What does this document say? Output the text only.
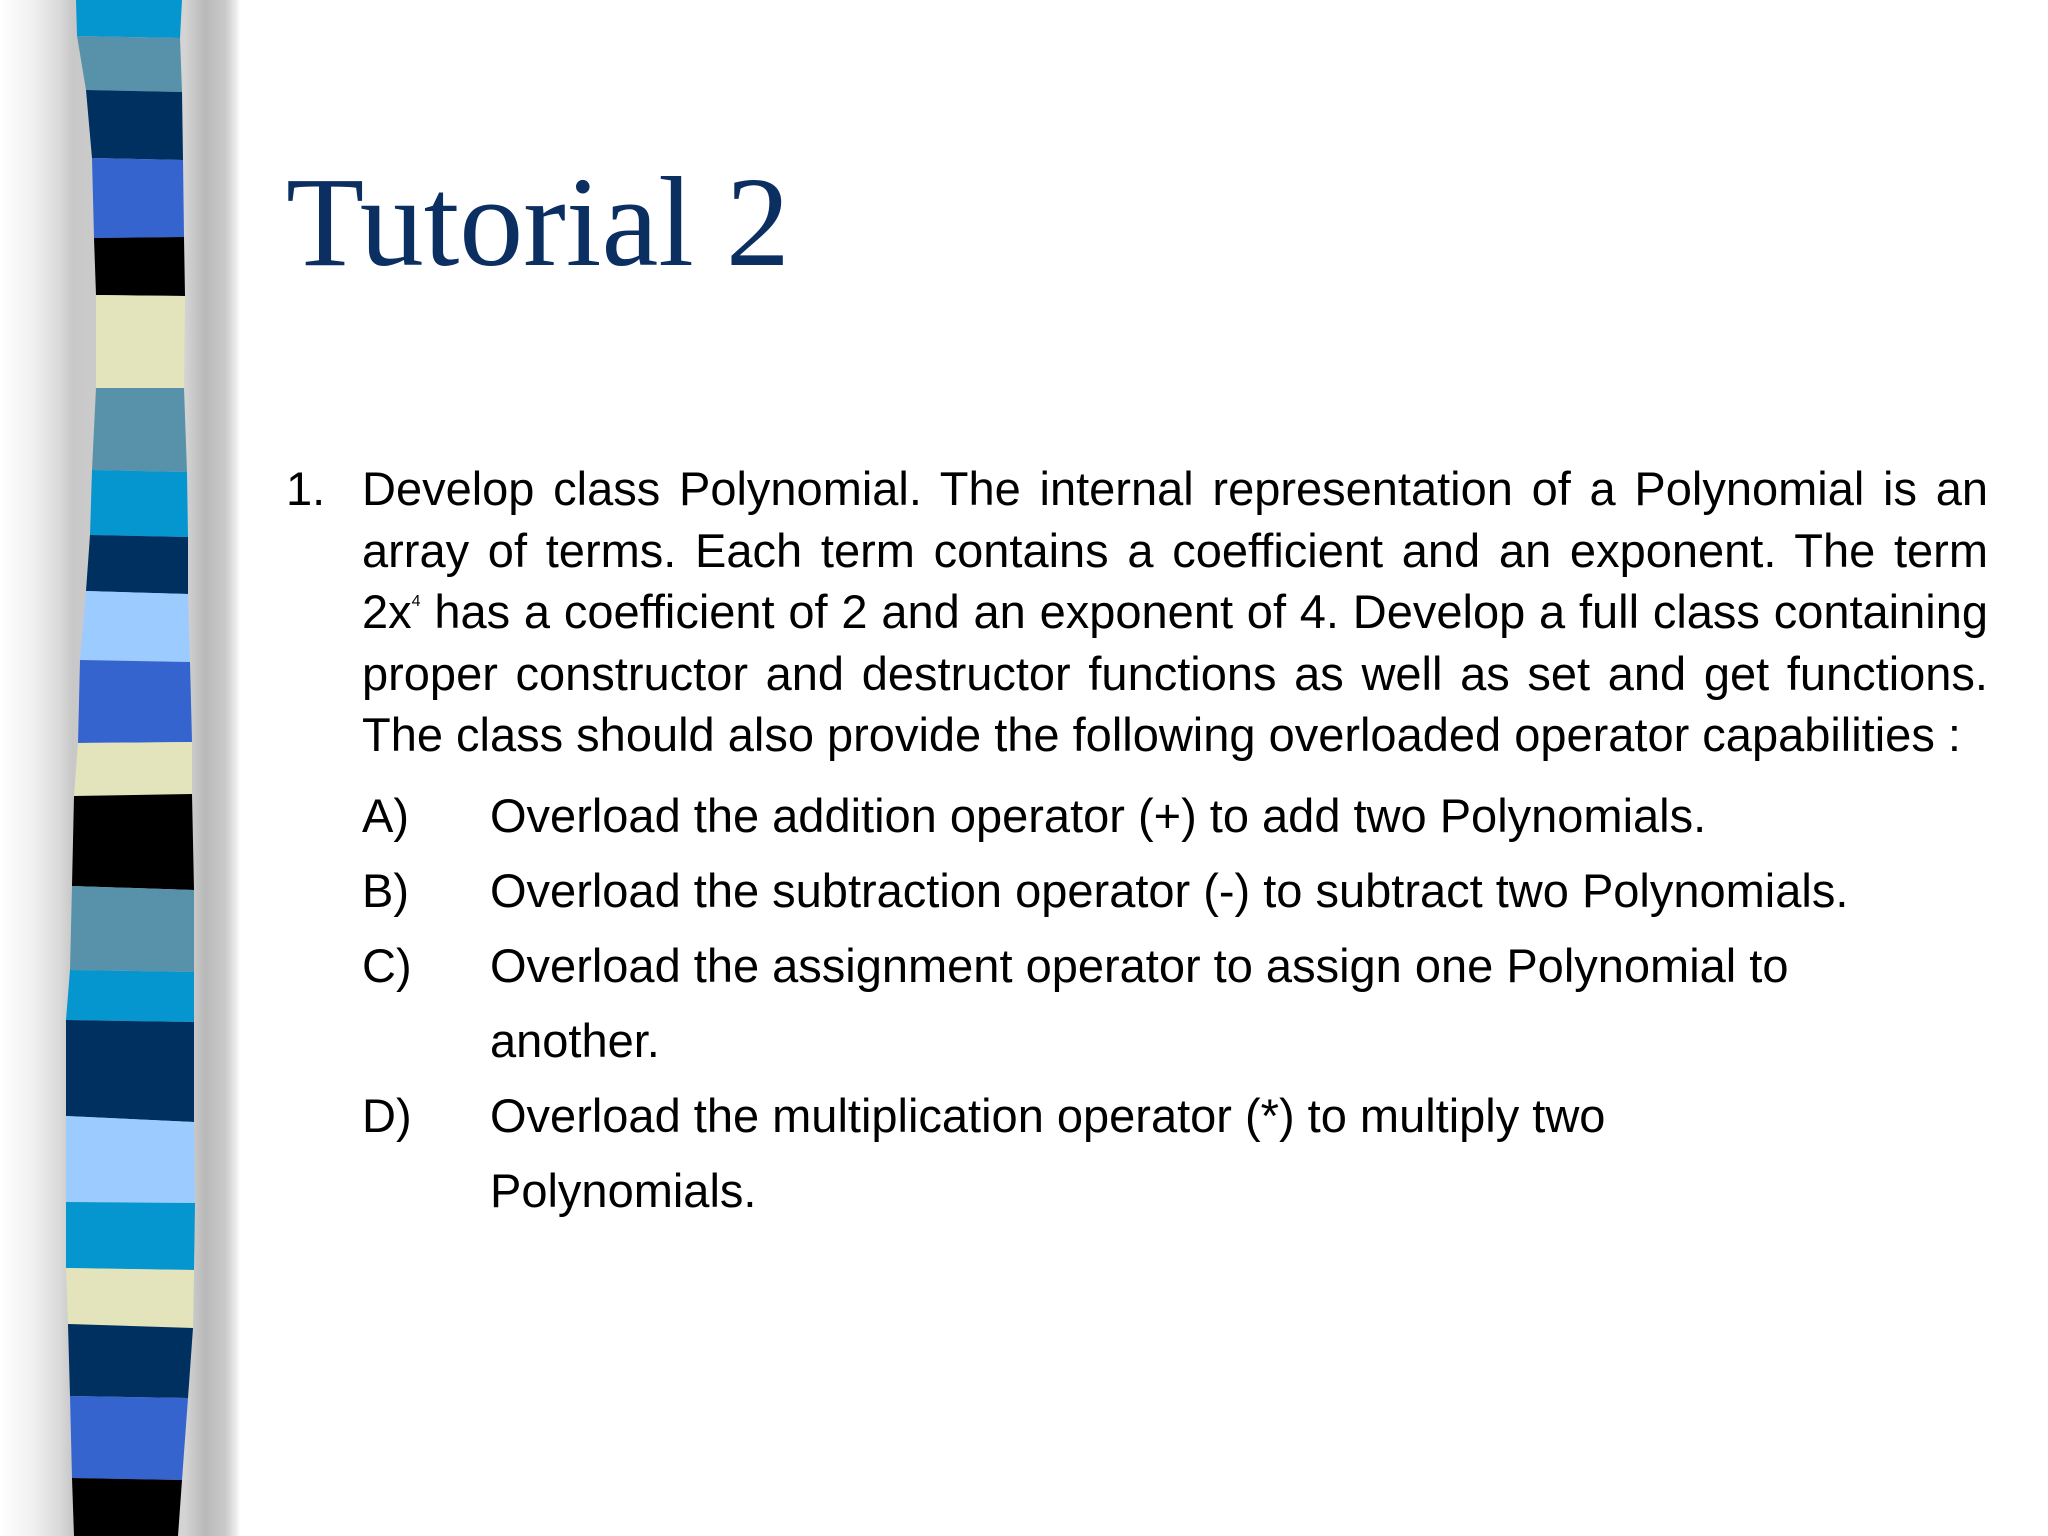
Tutorial 2
1. Develop class Polynomial. The internal representation of a Polynomial is an array of terms. Each term contains a coefficient and an exponent. The term $2x^4$ has a coefficient of 2 and an exponent of 4. Develop a full class containing proper constructor and destructor functions as well as set and get functions. The class should also provide the following overloaded operator capabilities :

A)	Overload the addition operator (+) to add two Polynomials.
B)	Overload the subtraction operator (-) to subtract two Polynomials.
C)	Overload the assignment operator to assign one Polynomial to another.
D)	Overload the multiplication operator (*) to multiply two Polynomials.
